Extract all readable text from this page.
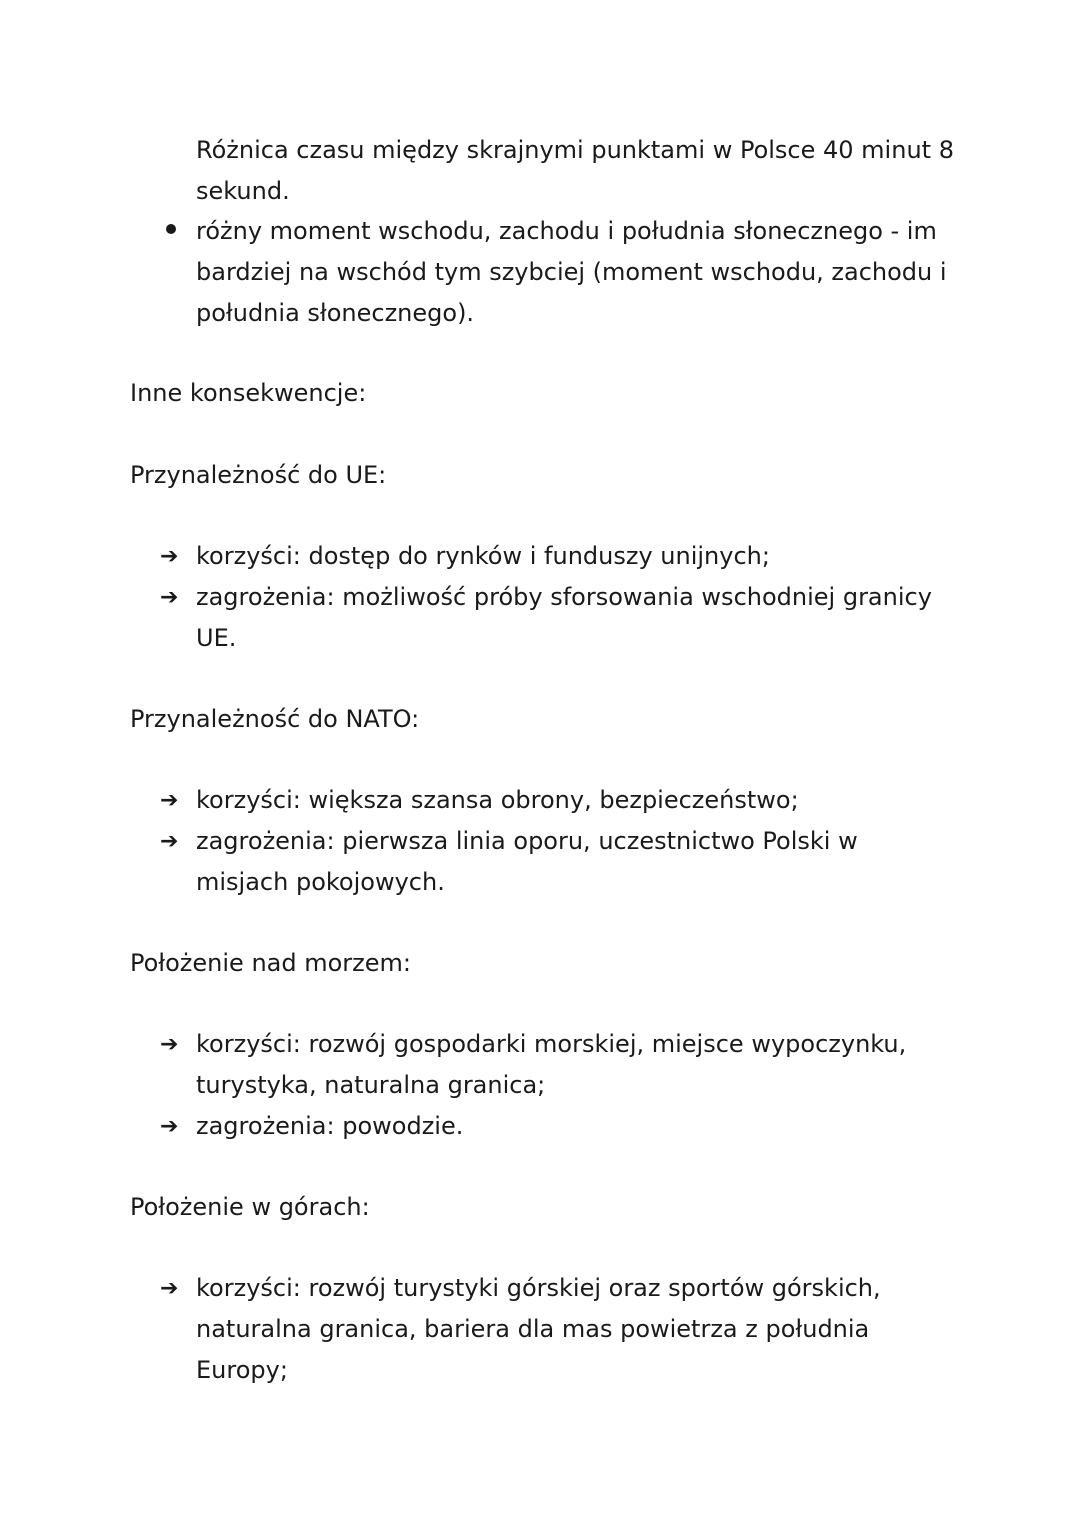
Różnica czasu między skrajnymi punktami w Polsce 40 minut 8 sekund.
różny moment wschodu, zachodu i południa słonecznego - im bardziej na wschód tym szybciej (moment wschodu, zachodu i południa słonecznego).
Inne konsekwencje:
Przynależność do UE:
➔ korzyści: dostęp do rynków i funduszy unijnych;
➔ zagrożenia: możliwość próby sforsowania wschodniej granicy UE.
Przynależność do NATO:
➔ korzyści: większa szansa obrony, bezpieczeństwo;
➔ zagrożenia: pierwsza linia oporu, uczestnictwo Polski w misjach pokojowych.
Położenie nad morzem:
➔ korzyści: rozwój gospodarki morskiej, miejsce wypoczynku, turystyka, naturalna granica;
➔ zagrożenia: powodzie.
Położenie w górach:
➔ korzyści: rozwój turystyki górskiej oraz sportów górskich, naturalna granica, bariera dla mas powietrza z południa Europy;
